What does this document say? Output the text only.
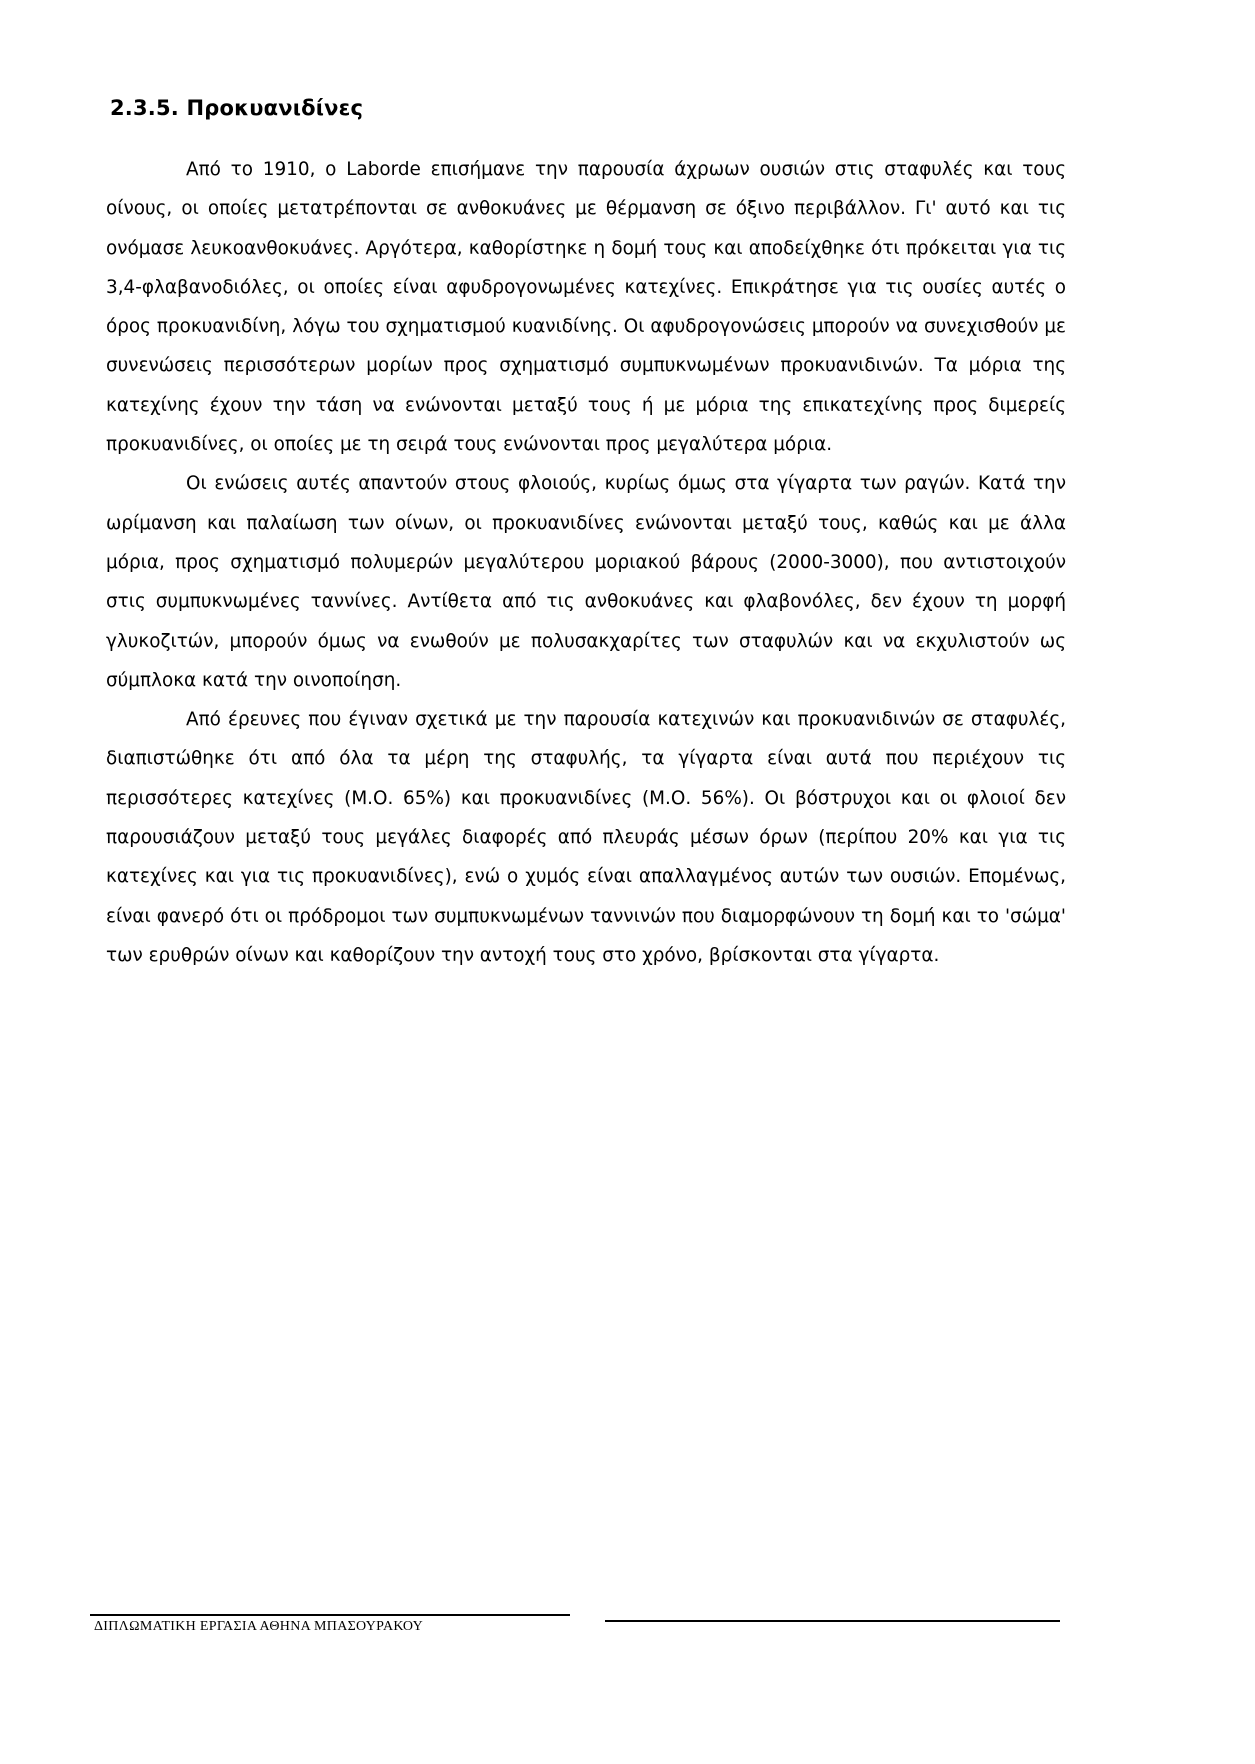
2.3.5. Προκυανιδίνες

Από το 1910, ο Laborde επισήμανε την παρουσία άχρωων ουσιών στις σταφυλές και τους οίνους, οι οποίες μετατρέπονται σε ανθοκυάνες με θέρμανση σε όξινο περιβάλλον. Γι' αυτό και τις ονόμασε λευκοανθοκυάνες. Αργότερα, καθορίστηκε η δομή τους και αποδείχθηκε ότι πρόκειται για τις 3,4-φλαβανοδιόλες, οι οποίες είναι αφυδρογονωμένες κατεχίνες. Επικράτησε για τις ουσίες αυτές ο όρος προκυανιδίνη, λόγω του σχηματισμού κυανιδίνης. Οι αφυδρογονώσεις μπορούν να συνεχισθούν με συνενώσεις περισσότερων μορίων προς σχηματισμό συμπυκνωμένων προκυανιδινών. Τα μόρια της κατεχίνης έχουν την τάση να ενώνονται μεταξύ τους ή με μόρια της επικατεχίνης προς διμερείς προκυανιδίνες, οι οποίες με τη σειρά τους ενώνονται προς μεγαλύτερα μόρια.

Οι ενώσεις αυτές απαντούν στους φλοιούς, κυρίως όμως στα γίγαρτα των ραγών. Κατά την ωρίμανση και παλαίωση των οίνων, οι προκυανιδίνες ενώνονται μεταξύ τους, καθώς και με άλλα μόρια, προς σχηματισμό πολυμερών μεγαλύτερου μοριακού βάρους (2000-3000), που αντιστοιχούν στις συμπυκνωμένες ταννίνες. Αντίθετα από τις ανθοκυάνες και φλαβονόλες, δεν έχουν τη μορφή γλυκοζιτών, μπορούν όμως να ενωθούν με πολυσακχαρίτες των σταφυλών και να εκχυλιστούν ως σύμπλοκα κατά την οινοποίηση.

Από έρευνες που έγιναν σχετικά με την παρουσία κατεχινών και προκυανιδινών σε σταφυλές, διαπιστώθηκε ότι από όλα τα μέρη της σταφυλής, τα γίγαρτα είναι αυτά που περιέχουν τις περισσότερες κατεχίνες (Μ.Ο. 65%) και προκυανιδίνες (Μ.Ο. 56%). Οι βόστρυχοι και οι φλοιοί δεν παρουσιάζουν μεταξύ τους μεγάλες διαφορές από πλευράς μέσων όρων (περίπου 20% και για τις κατεχίνες και για τις προκυανιδίνες), ενώ ο χυμός είναι απαλλαγμένος αυτών των ουσιών. Επομένως, είναι φανερό ότι οι πρόδρομοι των συμπυκνωμένων ταννινών που διαμορφώνουν τη δομή και το 'σώμα' των ερυθρών οίνων και καθορίζουν την αντοχή τους στο χρόνο, βρίσκονται στα γίγαρτα.

ΔΙΠΛΩΜΑΤΙΚΗ ΕΡΓΑΣΙΑ ΑΘΗΝΑ ΜΠΑΣΟΥΡΑΚΟΥ
